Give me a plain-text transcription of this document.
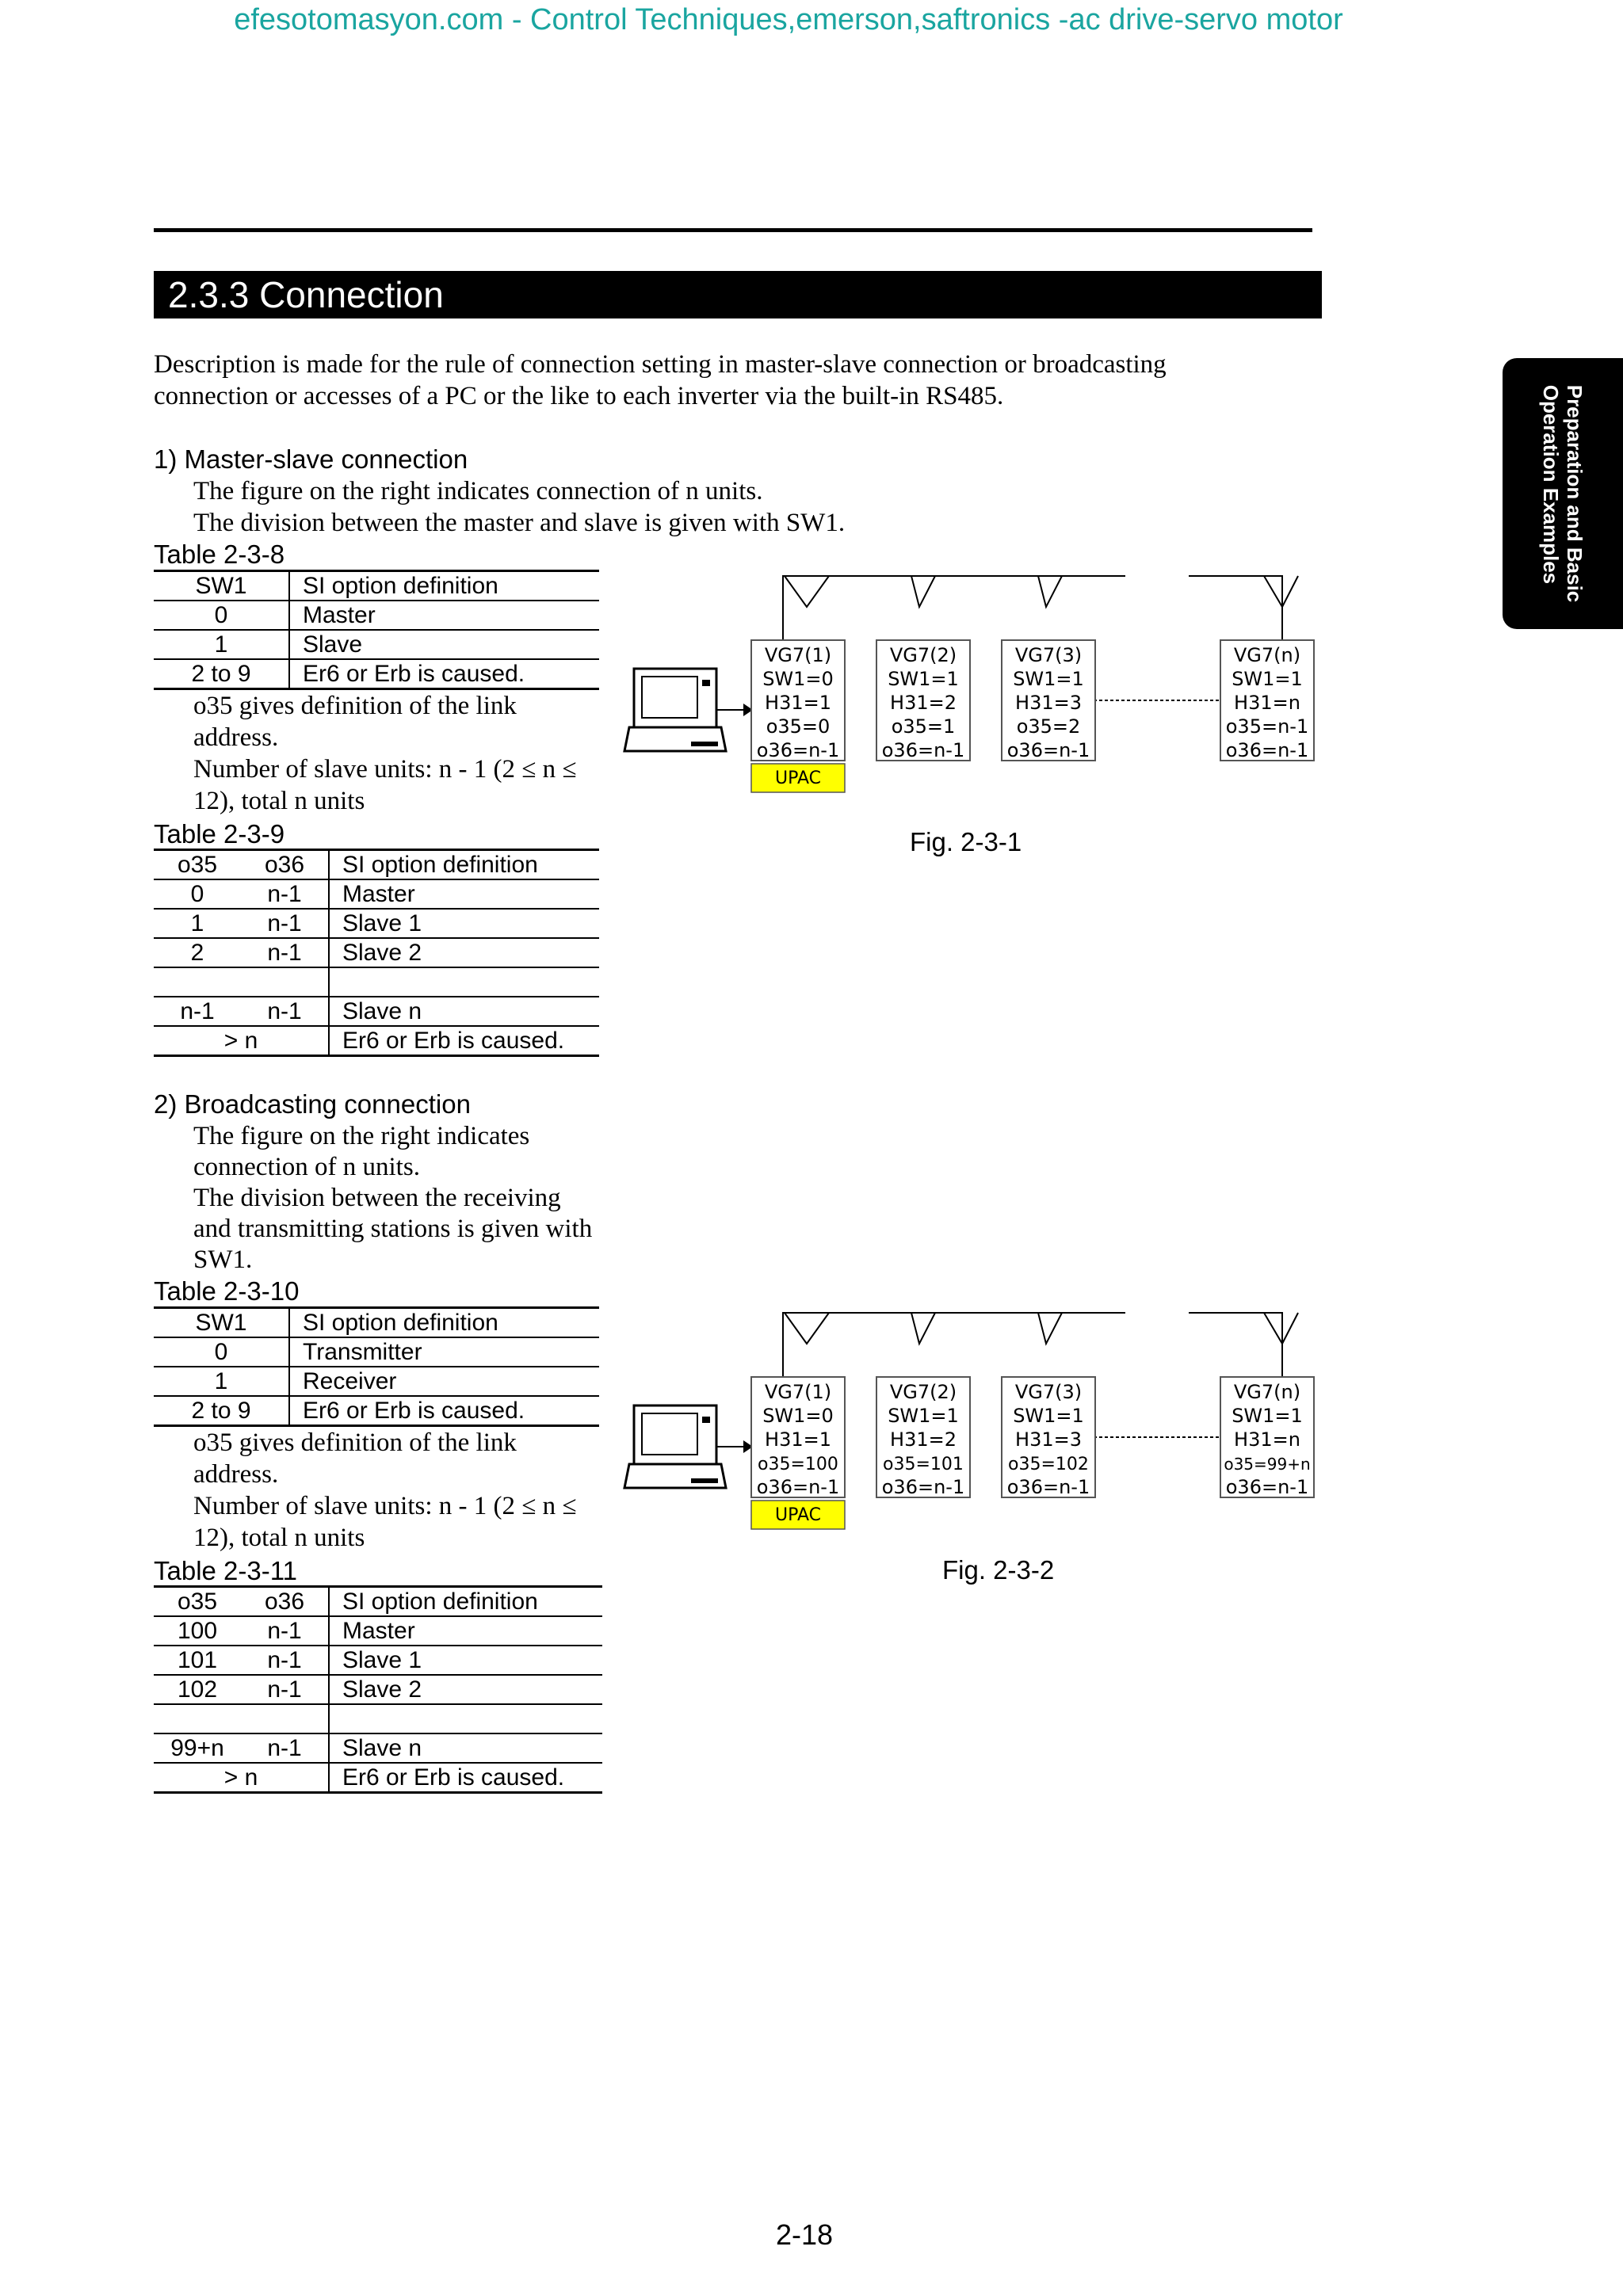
efesotomasyon.com - Control Techniques,emerson,saftronics -ac drive-servo motor
2.3.3 Connection
Preparation and Basic
Operation Examples
Description is made for the rule of connection setting in master-slave connection or broadcasting connection or accesses of a PC or the like to each inverter via the built-in RS485.
1) Master-slave connection
The figure on the right indicates connection of n units.
The division between the master and slave is given with SW1.
Table 2-3-8
SW1	SI option definition
0	Master
1	Slave
2 to 9	Er6 or Erb is caused.
o35 gives definition of the link address.
Number of slave units: n - 1 (2 ≤ n ≤ 12), total n units
Table 2-3-9
o35	o36	SI option definition
0	n-1	Master
1	n-1	Slave 1
2	n-1	Slave 2

n-1	n-1	Slave n
> n		Er6 or Erb is caused.
UPAC
VG7(1)
SW1=0
H31=1
o35=0
o36=n-1
VG7(2)
SW1=1
H31=2
o35=1
o36=n-1
VG7(3)
SW1=1
H31=3
o35=2
o36=n-1
VG7(n)
SW1=1
H31=n
o35=n-1
o36=n-1
Fig. 2-3-1
2) Broadcasting connection
The figure on the right indicates
connection of n units.
The division between the receiving
and transmitting stations is given with
SW1.
Table 2-3-10
SW1	SI option definition
0	Transmitter
1	Receiver
2 to 9	Er6 or Erb is caused.
o35 gives definition of the link address.
Number of slave units: n - 1 (2 ≤ n ≤ 12), total n units
Table 2-3-11
o35	o36	SI option definition
100	n-1	Master
101	n-1	Slave 1
102	n-1	Slave 2

99+n	n-1	Slave n
> n		Er6 or Erb is caused.
UPAC
VG7(1)
SW1=0
H31=1
o35=100
o36=n-1
VG7(2)
SW1=1
H31=2
o35=101
o36=n-1
VG7(3)
SW1=1
H31=3
o35=102
o36=n-1
VG7(n)
SW1=1
H31=n
o35=99+n
o36=n-1
Fig. 2-3-2
2-18
